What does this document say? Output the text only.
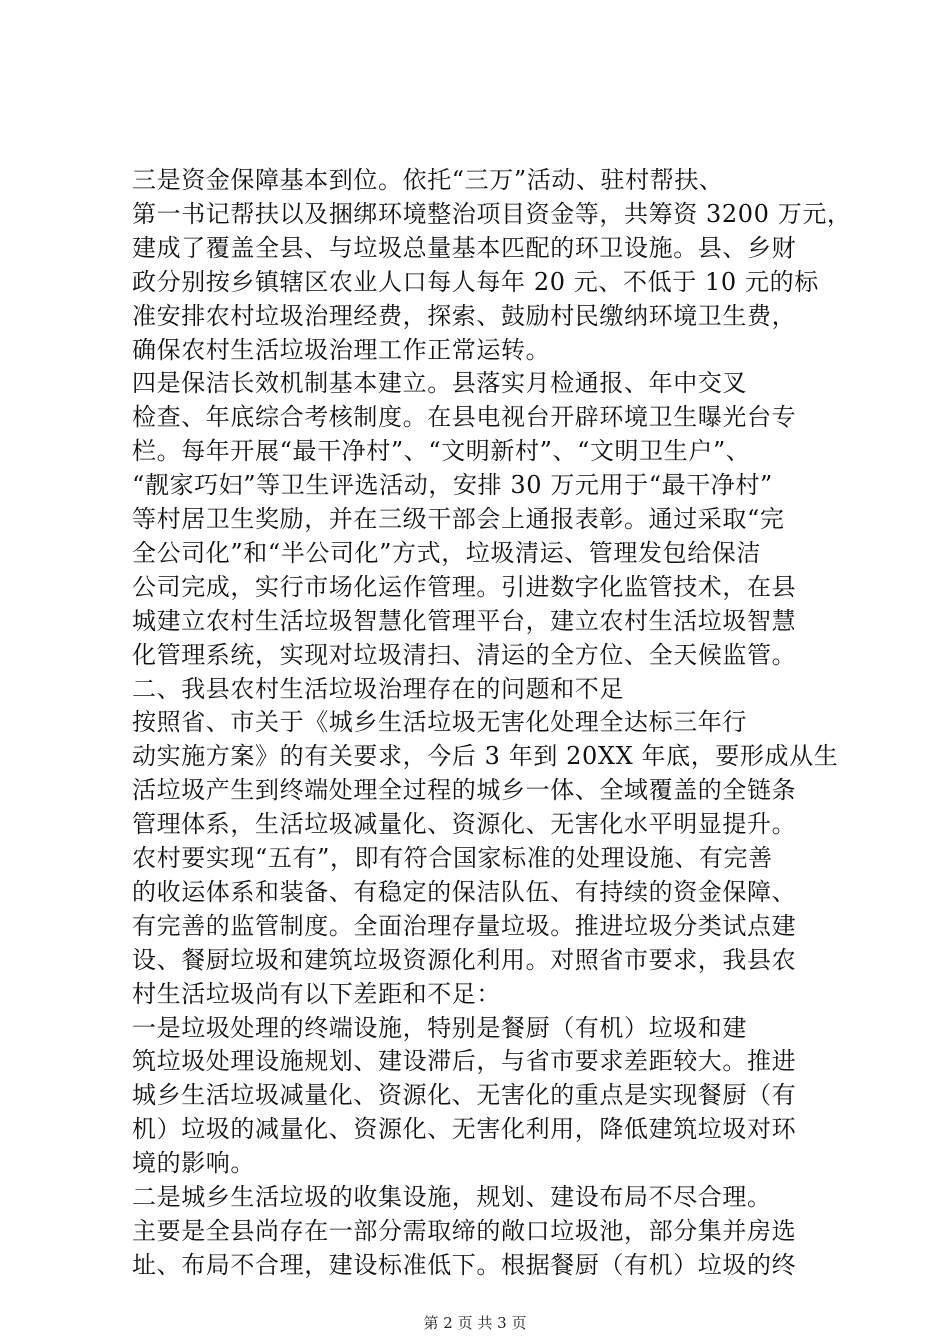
三是资金保障基本到位。依托“三万”活动、驻村帮扶、
第一书记帮扶以及捆绑环境整治项目资金等，共筹资 3200 万元，
建成了覆盖全县、与垃圾总量基本匹配的环卫设施。县、乡财
政分别按乡镇辖区农业人口每人每年 20 元、不低于 10 元的标
准安排农村垃圾治理经费，探索、鼓励村民缴纳环境卫生费，
确保农村生活垃圾治理工作正常运转。
四是保洁长效机制基本建立。县落实月检通报、年中交叉
检查、年底综合考核制度。在县电视台开辟环境卫生曝光台专
栏。每年开展“最干净村”、“文明新村”、“文明卫生户”、
“靓家巧妇”等卫生评选活动，安排 30 万元用于“最干净村”
等村居卫生奖励，并在三级干部会上通报表彰。通过采取“完
全公司化”和“半公司化”方式，垃圾清运、管理发包给保洁
公司完成，实行市场化运作管理。引进数字化监管技术，在县
城建立农村生活垃圾智慧化管理平台，建立农村生活垃圾智慧
化管理系统，实现对垃圾清扫、清运的全方位、全天候监管。
二、我县农村生活垃圾治理存在的问题和不足
按照省、市关于《城乡生活垃圾无害化处理全达标三年行
动实施方案》的有关要求，今后 3 年到 20XX 年底，要形成从生
活垃圾产生到终端处理全过程的城乡一体、全域覆盖的全链条
管理体系，生活垃圾减量化、资源化、无害化水平明显提升。
农村要实现“五有”，即有符合国家标准的处理设施、有完善
的收运体系和装备、有稳定的保洁队伍、有持续的资金保障、
有完善的监管制度。全面治理存量垃圾。推进垃圾分类试点建
设、餐厨垃圾和建筑垃圾资源化利用。对照省市要求，我县农
村生活垃圾尚有以下差距和不足：
一是垃圾处理的终端设施，特别是餐厨（有机）垃圾和建
筑垃圾处理设施规划、建设滞后，与省市要求差距较大。推进
城乡生活垃圾减量化、资源化、无害化的重点是实现餐厨（有
机）垃圾的减量化、资源化、无害化利用，降低建筑垃圾对环
境的影响。
二是城乡生活垃圾的收集设施，规划、建设布局不尽合理。
主要是全县尚存在一部分需取缔的敞口垃圾池，部分集并房选
址、布局不合理，建设标准低下。根据餐厨（有机）垃圾的终
第 2 页 共 3 页
